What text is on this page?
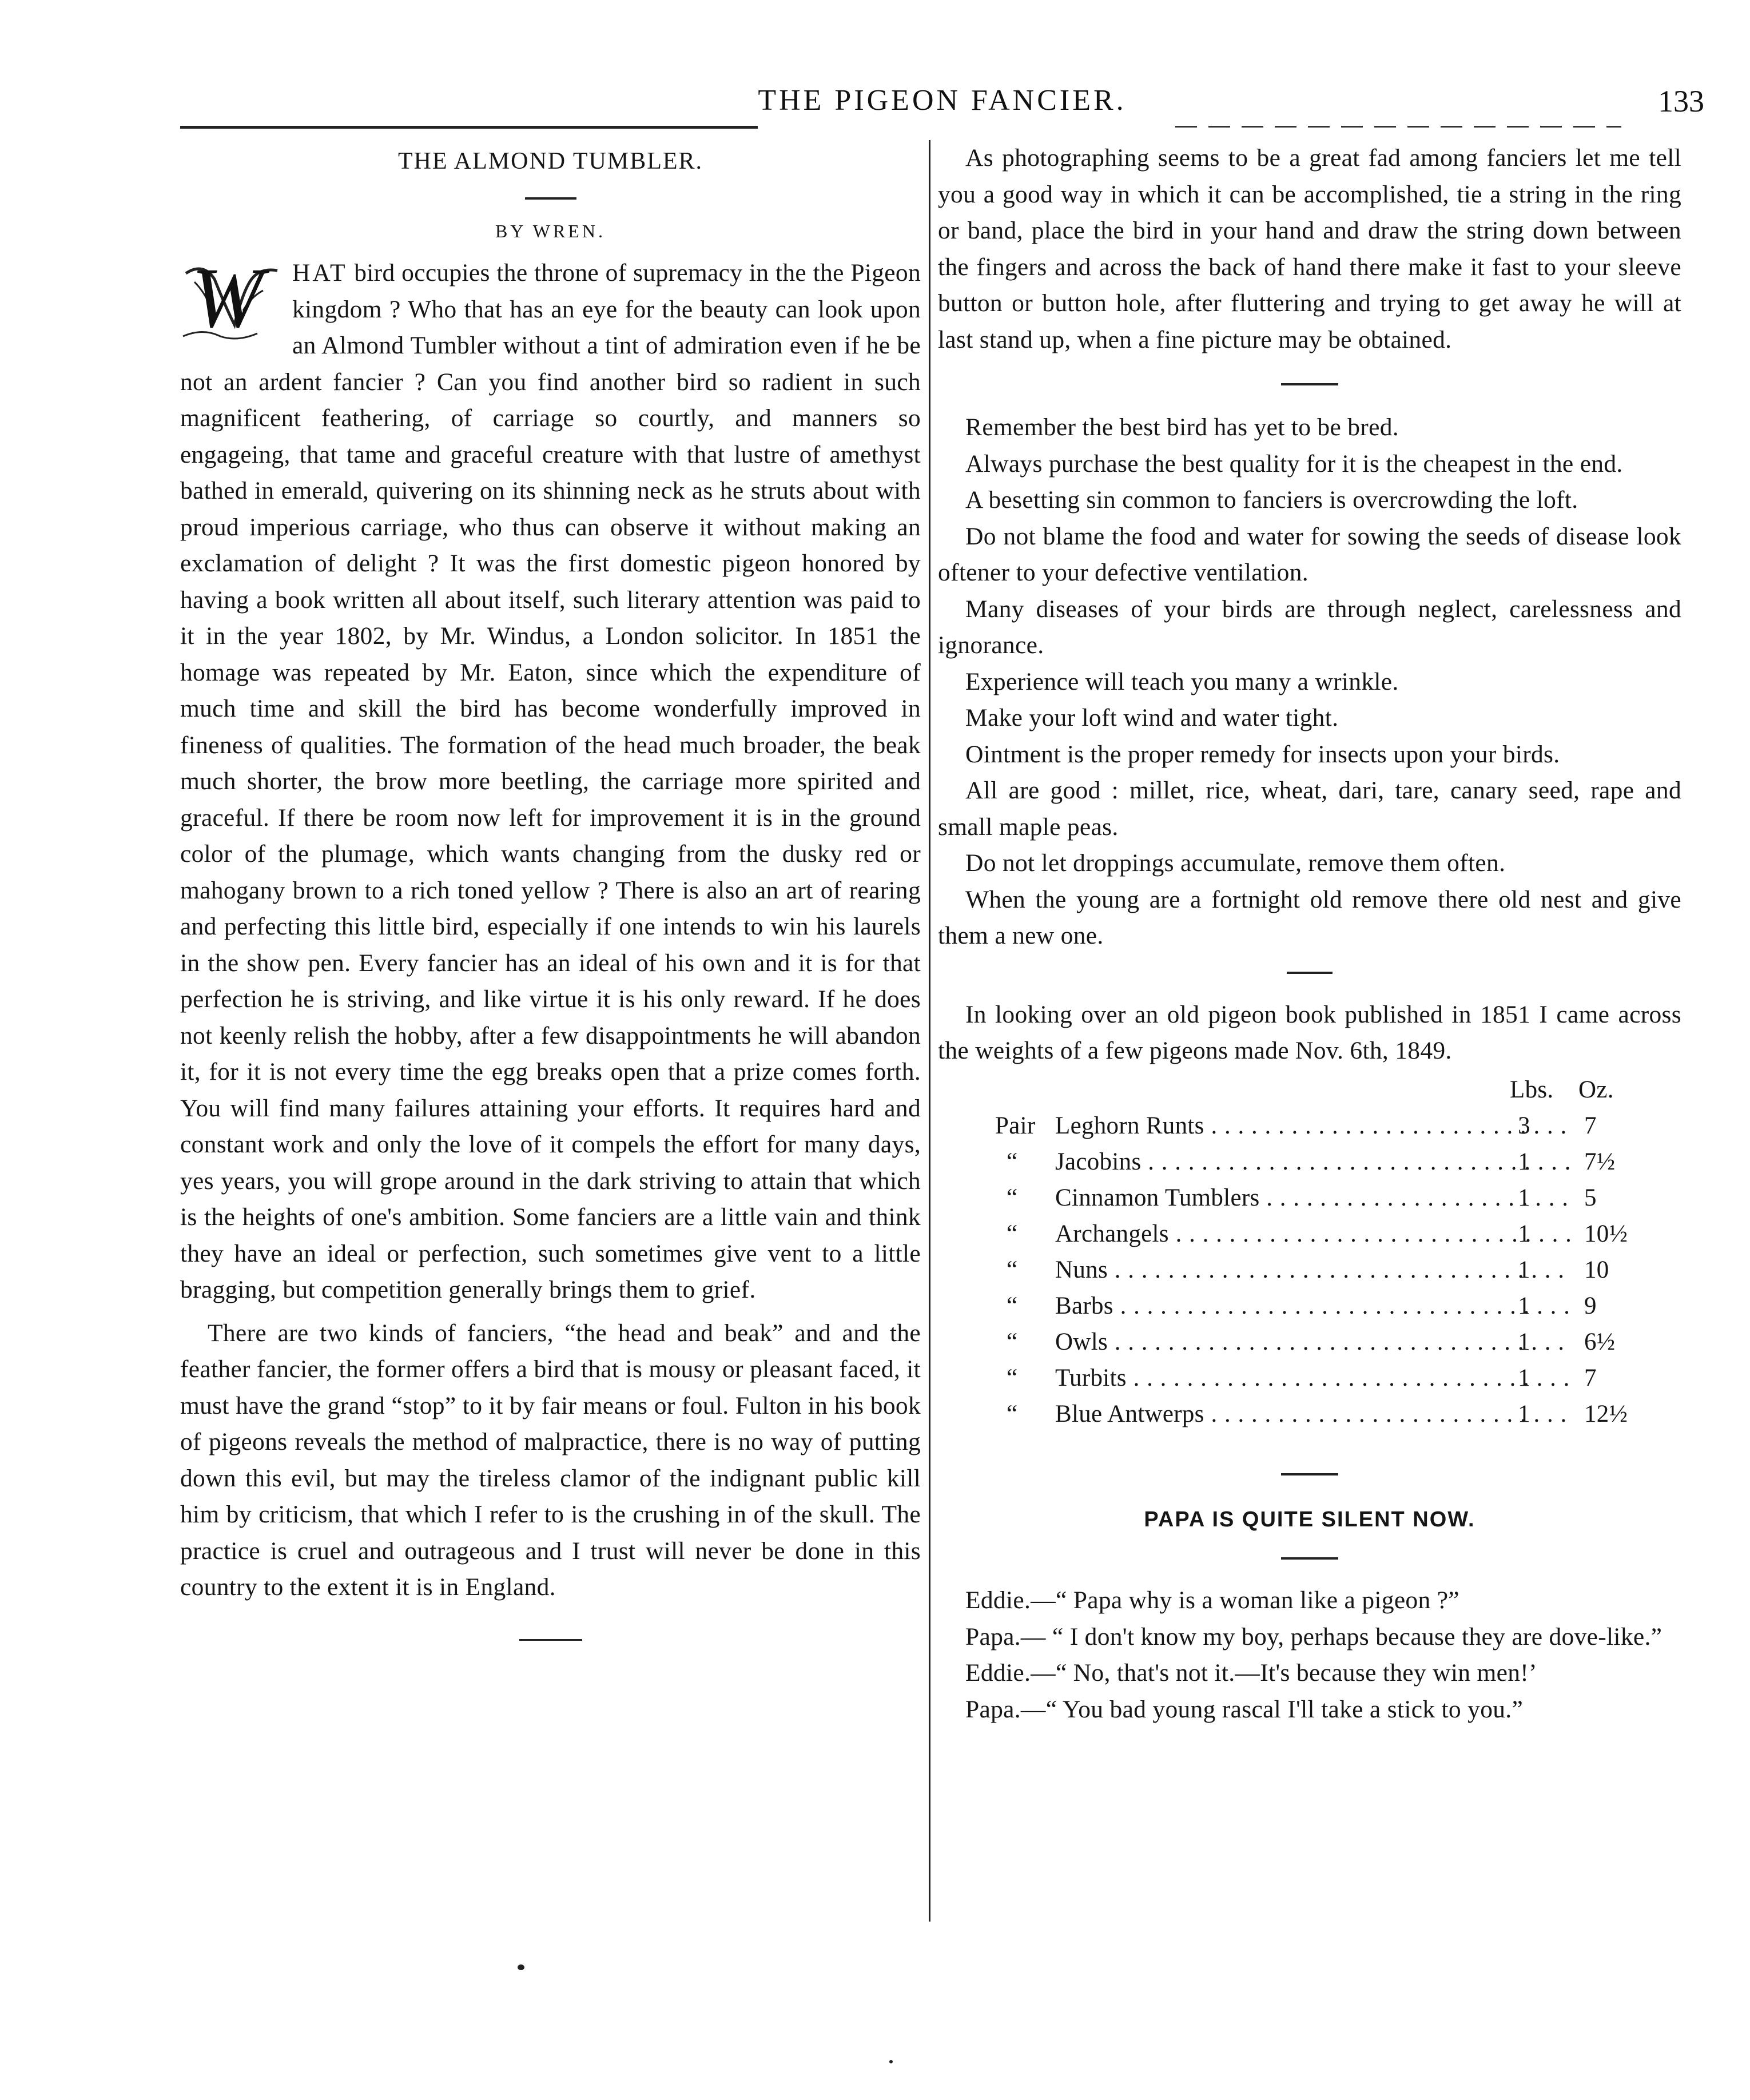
THE PIGEON FANCIER.	133
THE ALMOND TUMBLER.
BY WREN.
W	HAT bird occupies the throne of supremacy in the the Pigeon kingdom ? Who that has an eye for the beauty can look upon an Almond Tumbler without a tint of admiration even if he be not an ardent fancier ? Can you find another bird so radient in such magnificent feathering, of carriage so courtly, and manners so engageing, that tame and graceful creature with that lustre of amethyst bathed in emerald, quivering on its shinning neck as he struts about with proud imperious carriage, who thus can observe it without making an exclamation of delight ? It was the first domestic pigeon honored by having a book written all about itself, such literary attention was paid to it in the year 1802, by Mr. Windus, a London solicitor. In 1851 the homage was repeated by Mr. Eaton, since which the expenditure of much time and skill the bird has become wonderfully improved in fineness of qualities. The formation of the head much broader, the beak much shorter, the brow more beetling, the carriage more spirited and graceful. If there be room now left for improvement it is in the ground color of the plumage, which wants changing from the dusky red or mahogany brown to a rich toned yellow ? There is also an art of rearing and perfecting this little bird, especially if one intends to win his laurels in the show pen. Every fancier has an ideal of his own and it is for that perfection he is striving, and like virtue it is his only reward. If he does not keenly relish the hobby, after a few disappointments he will abandon it, for it is not every time the egg breaks open that a prize comes forth. You will find many failures attaining your efforts. It requires hard and constant work and only the love of it compels the effort for many days, yes years, you will grope around in the dark striving to attain that which is the heights of one's ambition. Some fanciers are a little vain and think they have an ideal or perfection, such sometimes give vent to a little bragging, but competition generally brings them to grief.

There are two kinds of fanciers, “the head and beak” and and the feather fancier, the former offers a bird that is mousy or pleasant faced, it must have the grand “stop” to it by fair means or foul. Fulton in his book of pigeons reveals the method of malpractice, there is no way of putting down this evil, but may the tireless clamor of the indignant public kill him by criticism, that which I refer to is the crushing in of the skull. The practice is cruel and outrageous and I trust will never be done in this country to the extent it is in England.

As photographing seems to be a great fad among fanciers let me tell you a good way in which it can be accomplished, tie a string in the ring or band, place the bird in your hand and draw the string down between the fingers and across the back of hand there make it fast to your sleeve button or button hole, after fluttering and trying to get away he will at last stand up, when a fine picture may be obtained.

Remember the best bird has yet to be bred.

Always purchase the best quality for it is the cheapest in the end.

A besetting sin common to fanciers is overcrowding the loft.

Do not blame the food and water for sowing the seeds of disease look oftener to your defective ventilation.

Many diseases of your birds are through neglect, carelessness and ignorance.

Experience will teach you many a wrinkle.

Make your loft wind and water tight.

Ointment is the proper remedy for insects upon your birds.

All are good : millet, rice, wheat, dari, tare, canary seed, rape and small maple peas.

Do not let droppings accumulate, remove them often.

When the young are a fortnight old remove there old nest and give them a new one.

In looking over an old pigeon book published in 1851 I came across the weights of a few pigeons made Nov. 6th, 1849.

Lbs. Oz.
Pair Leghorn Runts . . .	3	7
“ Jacobins . . .	1	7½
“ Cinnamon Tumblers . . .	1	5
“ Archangels . . .	1	10½
“ Nuns . . .	1	10
“ Barbs . . .	1	9
“ Owls . . .	1	6½
“ Turbits . . .	1	7
“ Blue Antwerps . . .	1	12½
PAPA IS QUITE SILENT NOW.

Eddie.—“ Papa why is a woman like a pigeon ?”

Papa.— “ I don't know my boy, perhaps because they are dove-like.”

Eddie.—“ No, that's not it.—It's because they win men!’

Papa.—“ You bad young rascal I'll take a stick to you.”
